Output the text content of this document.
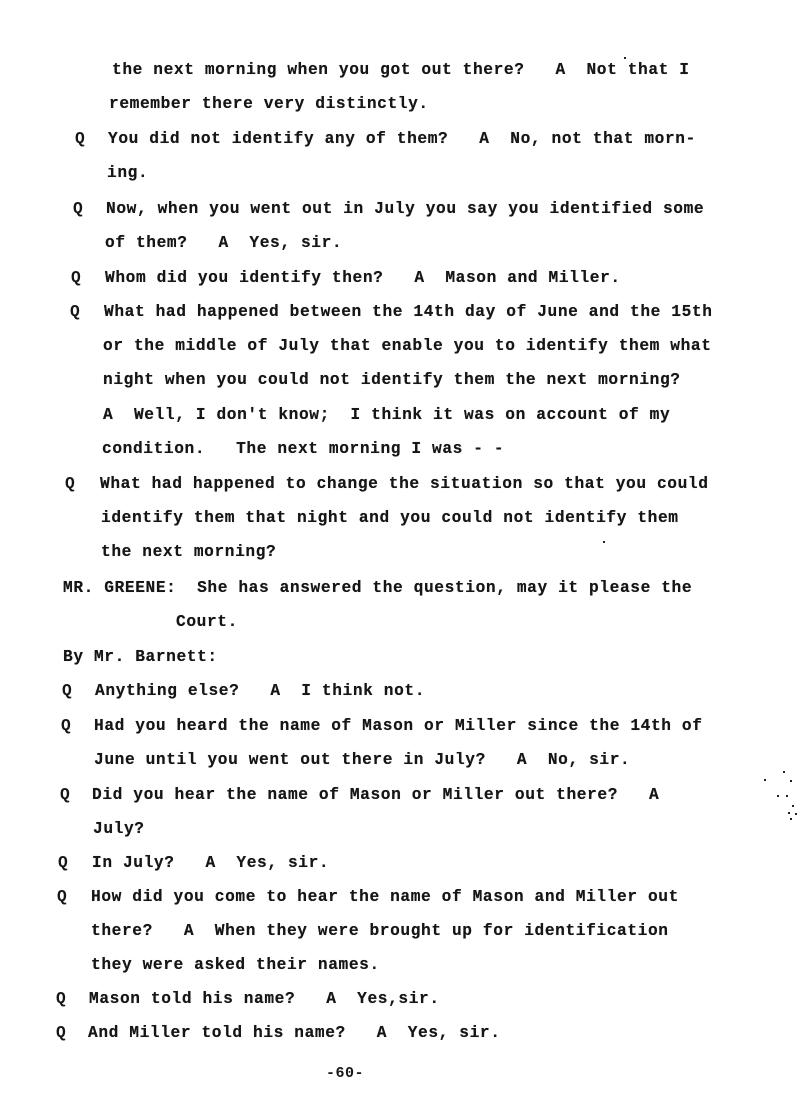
the next morning when you got out there?   A  Not that I
remember there very distinctly.
Q You did not identify any of them?   A  No, not that morn-
ing.
Q Now, when you went out in July you say you identified some
of them?   A  Yes, sir.
Q Whom did you identify then?   A  Mason and Miller.
Q What had happened between the 14th day of June and the 15th
or the middle of July that enable you to identify them what
night when you could not identify them the next morning?
A  Well, I don't know;  I think it was on account of my
condition.   The next morning I was - -
Q What had happened to change the situation so that you could
identify them that night and you could not identify them
the next morning?
MR. GREENE:  She has answered the question, may it please the
Court.
By Mr. Barnett:
Q Anything else?   A  I think not.
Q Had you heard the name of Mason or Miller since the 14th of
June until you went out there in July?   A  No, sir.
Q Did you hear the name of Mason or Miller out there?   A
July?
Q In July?   A  Yes, sir.
Q How did you come to hear the name of Mason and Miller out
there?   A  When they were brought up for identification
they were asked their names.
Q Mason told his name?   A  Yes,sir.
Q And Miller told his name?   A  Yes, sir.
-60-
